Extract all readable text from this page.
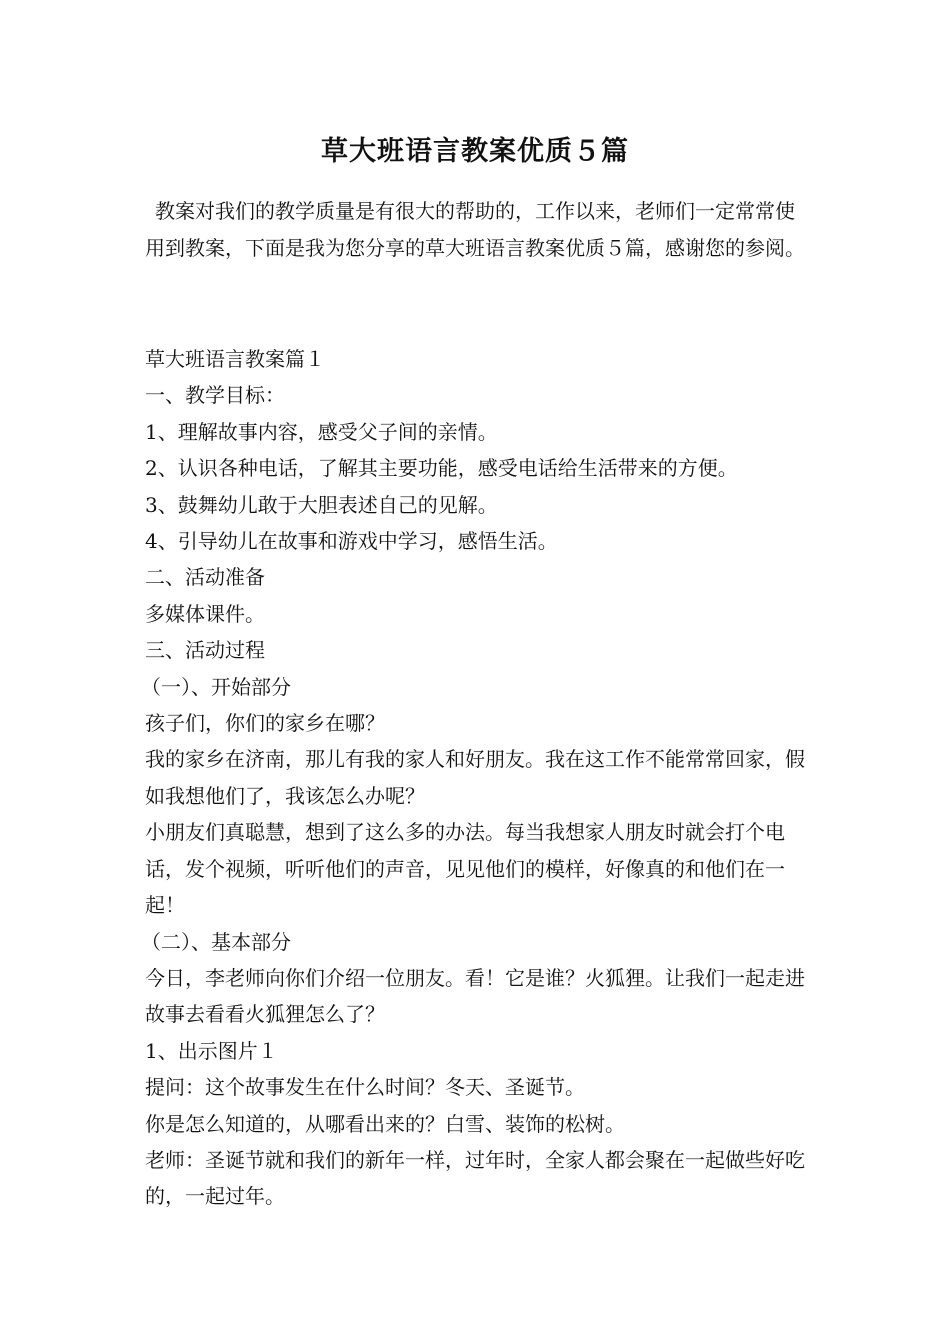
草大班语言教案优质５篇

教案对我们的教学质量是有很大的帮助的，工作以来，老师们一定常常使用到教案，下面是我为您分享的草大班语言教案优质５篇，感谢您的参阅。

草大班语言教案篇１

一、教学目标：

1、理解故事内容，感受父子间的亲情。

2、认识各种电话，了解其主要功能，感受电话给生活带来的方便。

3、鼓舞幼儿敢于大胆表述自己的见解。

4、引导幼儿在故事和游戏中学习，感悟生活。

二、活动准备

多媒体课件。

三、活动过程

（一）、开始部分

孩子们，你们的家乡在哪？

我的家乡在济南，那儿有我的家人和好朋友。我在这工作不能常常回家，假如我想他们了，我该怎么办呢？

小朋友们真聪慧，想到了这么多的办法。每当我想家人朋友时就会打个电话，发个视频，听听他们的声音，见见他们的模样，好像真的和他们在一起！

（二）、基本部分

今日，李老师向你们介绍一位朋友。看！它是谁？火狐狸。让我们一起走进故事去看看火狐狸怎么了？

1、出示图片１

提问：这个故事发生在什么时间？冬天、圣诞节。

你是怎么知道的，从哪看出来的？白雪、装饰的松树。

老师：圣诞节就和我们的新年一样，过年时，全家人都会聚在一起做些好吃的，一起过年。
